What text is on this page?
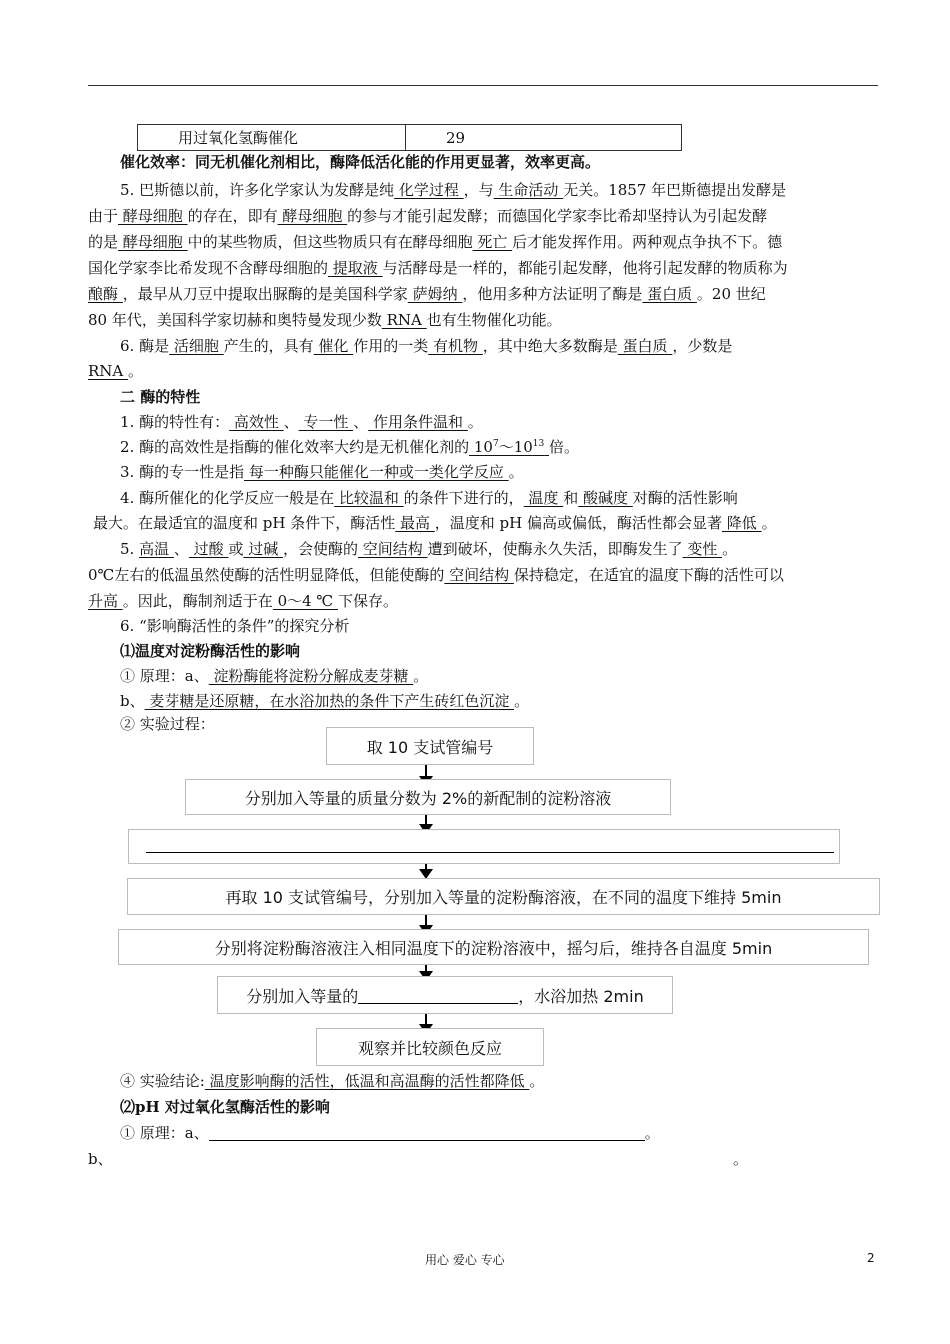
用过氧化氢酶催化	29
催化效率：同无机催化剂相比，酶降低活化能的作用更显著，效率更高。
5. 巴斯德以前，许多化学家认为发酵是纯 化学过程 ，与 生命活动 无关。1857 年巴斯德提出发酵是
由于 酵母细胞 的存在，即有 酵母细胞 的参与才能引起发酵；而德国化学家李比希却坚持认为引起发酵
的是 酵母细胞 中的某些物质，但这些物质只有在酵母细胞 死亡 后才能发挥作用。两种观点争执不下。德
国化学家李比希发现不含酵母细胞的 提取液 与活酵母是一样的，都能引起发酵，他将引起发酵的物质称为
酿酶 ，最早从刀豆中提取出脲酶的是美国科学家 萨姆纳 ，他用多种方法证明了酶是 蛋白质 。20 世纪
80 年代，美国科学家切赫和奥特曼发现少数 RNA 也有生物催化功能。
6. 酶是 活细胞 产生的，具有 催化 作用的一类 有机物 ，其中绝大多数酶是 蛋白质 ，少数是
RNA 。
二 酶的特性
1. 酶的特性有： 高效性 、 专一性 、 作用条件温和 。
2. 酶的高效性是指酶的催化效率大约是无机催化剂的 $10^7\sim 10^{13}$ 倍。
3. 酶的专一性是指 每一种酶只能催化一种或一类化学反应 。
4. 酶所催化的化学反应一般是在 比较温和 的条件下进行的， 温度 和 酸碱度 对酶的活性影响
最大。在最适宜的温度和 pH 条件下，酶活性 最高 ，温度和 pH 偏高或偏低，酶活性都会显著 降低 。
5. 高温 、 过酸 或 过碱 ，会使酶的 空间结构 遭到破坏，使酶永久失活，即酶发生了 变性 。
0℃左右的低温虽然使酶的活性明显降低，但能使酶的 空间结构 保持稳定，在适宜的温度下酶的活性可以
升高 。因此，酶制剂适于在 0～4 ℃ 下保存。
6. “影响酶活性的条件”的探究分析
⑴温度对淀粉酶活性的影响
① 原理：a、 淀粉酶能将淀粉分解成麦芽糖 。
b、 麦芽糖是还原糖，在水浴加热的条件下产生砖红色沉淀 。
② 实验过程：
取 10 支试管编号
分别加入等量的质量分数为 2%的新配制的淀粉溶液
再取 10 支试管编号，分别加入等量的淀粉酶溶液，在不同的温度下维持 5min
分别将淀粉酶溶液注入相同温度下的淀粉溶液中，摇匀后，维持各自温度 5min
分别加入等量的	，水浴加热 2min
观察并比较颜色反应
④ 实验结论: 温度影响酶的活性，低温和高温酶的活性都降低 。
⑵pH 对过氧化氢酶活性的影响
① 原理：a、	。
b、	。
用心 爱心 专心	2
